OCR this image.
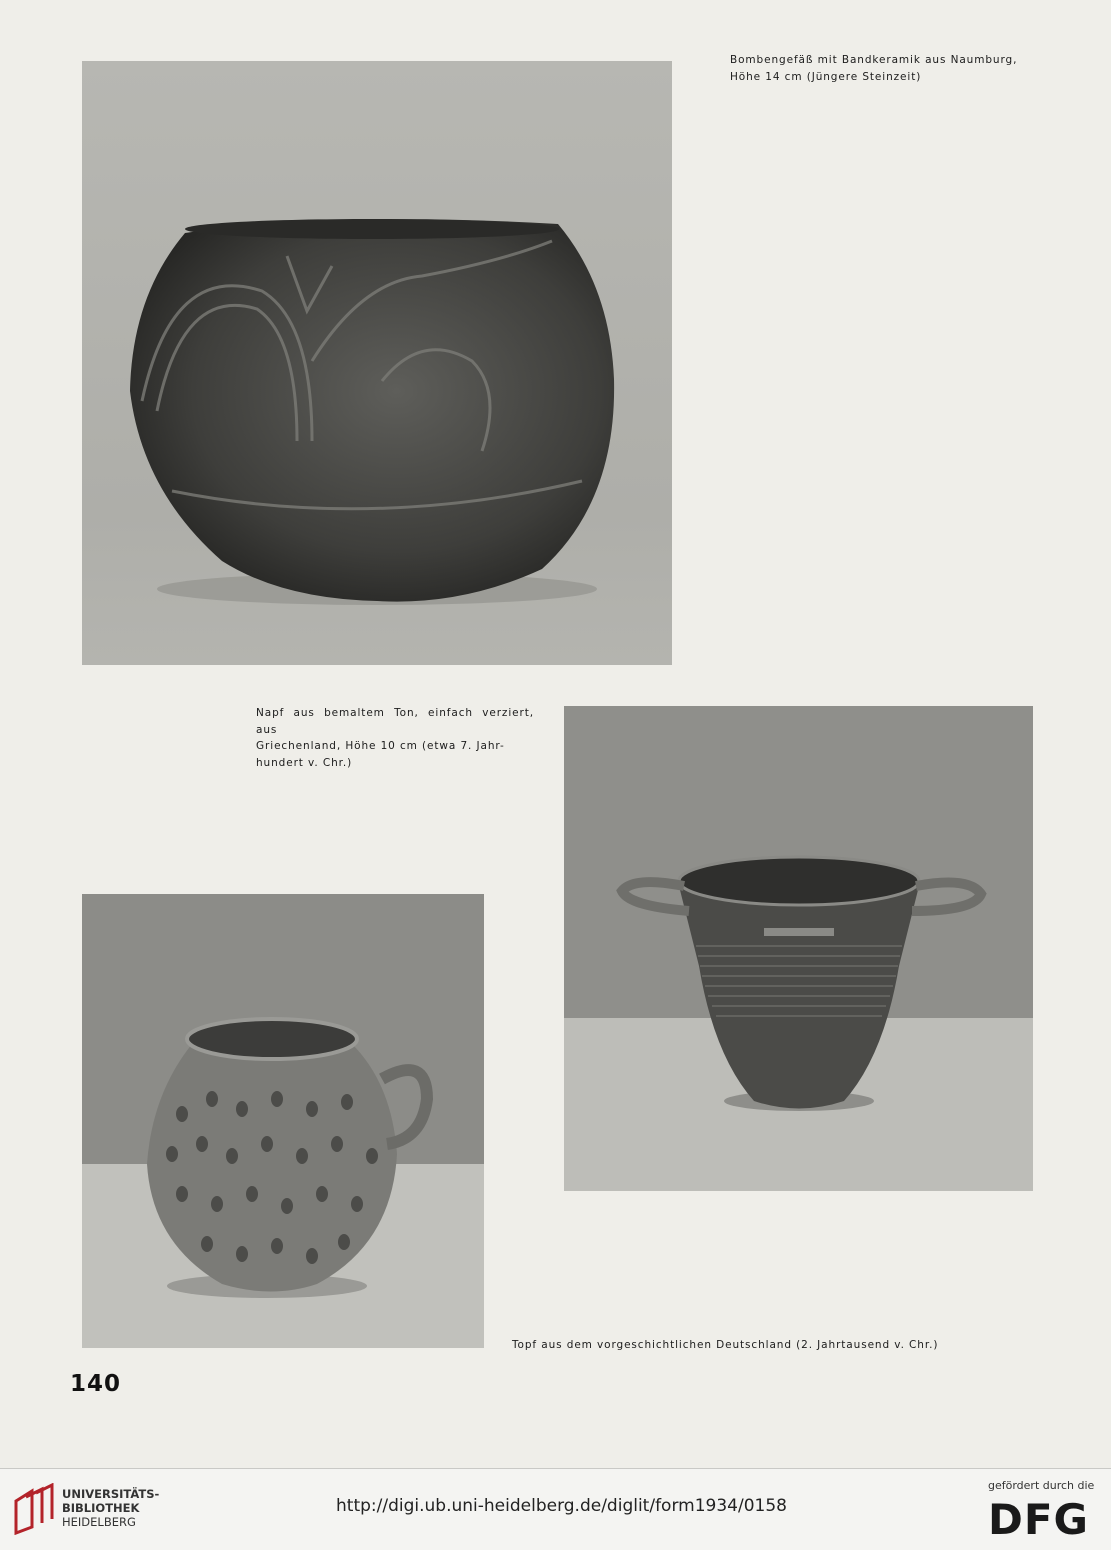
Bombengefäß mit Bandkeramik aus Naumburg,
Höhe 14 cm (Jüngere Steinzeit)
Napf aus bemaltem Ton, einfach verziert, aus
Griechenland, Höhe 10 cm (etwa 7. Jahr-
hundert v. Chr.)
Topf aus dem vorgeschichtlichen Deutschland (2. Jahrtausend v. Chr.)
140
UNIVERSITÄTS-
BIBLIOTHEK
HEIDELBERG
http://digi.ub.uni-heidelberg.de/diglit/form1934/0158
gefördert durch die
DFG
